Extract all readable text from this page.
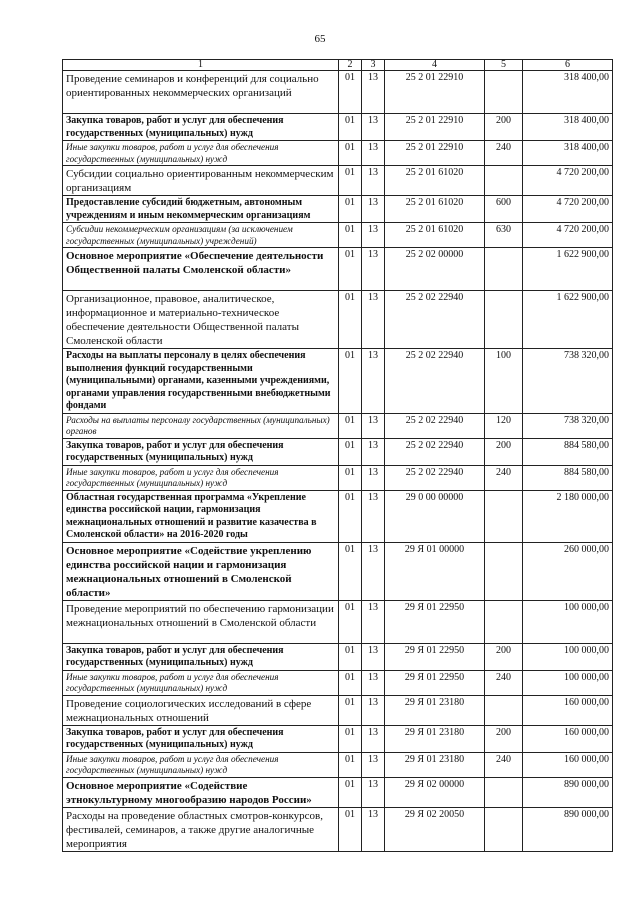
65
1	2	3	4	5	6
Проведение семинаров и конференций для социально ориентированных некоммерческих организаций	01	13	25 2 01 22910		318 400,00
Закупка товаров, работ и услуг для обеспечения государственных (муниципальных) нужд	01	13	25 2 01 22910	200	318 400,00
Иные закупки товаров, работ и услуг для обеспечения государственных (муниципальных) нужд	01	13	25 2 01 22910	240	318 400,00
Субсидии социально ориентированным некоммерческим организациям	01	13	25 2 01 61020		4 720 200,00
Предоставление субсидий бюджетным, автономным учреждениям и иным некоммерческим организациям	01	13	25 2 01 61020	600	4 720 200,00
Субсидии некоммерческим организациям (за исключением государственных (муниципальных) учреждений)	01	13	25 2 01 61020	630	4 720 200,00
Основное мероприятие «Обеспечение деятельности Общественной палаты Смоленской области»	01	13	25 2 02 00000		1 622 900,00
Организационное, правовое, аналитическое, информационное и материально-техническое обеспечение деятельности Общественной палаты Смоленской области	01	13	25 2 02 22940		1 622 900,00
Расходы на выплаты персоналу в целях обеспечения выполнения функций государственными (муниципальными) органами, казенными учреждениями, органами управления государственными внебюджетными фондами	01	13	25 2 02 22940	100	738 320,00
Расходы на выплаты персоналу государственных (муниципальных) органов	01	13	25 2 02 22940	120	738 320,00
Закупка товаров, работ и услуг для обеспечения государственных (муниципальных) нужд	01	13	25 2 02 22940	200	884 580,00
Иные закупки товаров, работ и услуг для обеспечения государственных (муниципальных) нужд	01	13	25 2 02 22940	240	884 580,00
Областная государственная программа «Укрепление единства российской нации, гармонизация межнациональных отношений и развитие казачества в Смоленской области» на 2016-2020 годы	01	13	29 0 00 00000		2 180 000,00
Основное мероприятие «Содействие укреплению единства российской нации и гармонизация межнациональных отношений в Смоленской области»	01	13	29 Я 01 00000		260 000,00
Проведение мероприятий по обеспечению гармонизации межнациональных отношений в Смоленской области	01	13	29 Я 01 22950		100 000,00
Закупка товаров, работ и услуг для обеспечения государственных (муниципальных) нужд	01	13	29 Я 01 22950	200	100 000,00
Иные закупки товаров, работ и услуг для обеспечения государственных (муниципальных) нужд	01	13	29 Я 01 22950	240	100 000,00
Проведение социологических исследований в сфере межнациональных отношений	01	13	29 Я 01 23180		160 000,00
Закупка товаров, работ и услуг для обеспечения государственных (муниципальных) нужд	01	13	29 Я 01 23180	200	160 000,00
Иные закупки товаров, работ и услуг для обеспечения государственных (муниципальных) нужд	01	13	29 Я 01 23180	240	160 000,00
Основное мероприятие «Содействие этнокультурному многообразию народов России»	01	13	29 Я 02 00000		890 000,00
Расходы на проведение областных смотров-конкурсов, фестивалей, семинаров, а также другие аналогичные мероприятия	01	13	29 Я 02 20050		890 000,00
